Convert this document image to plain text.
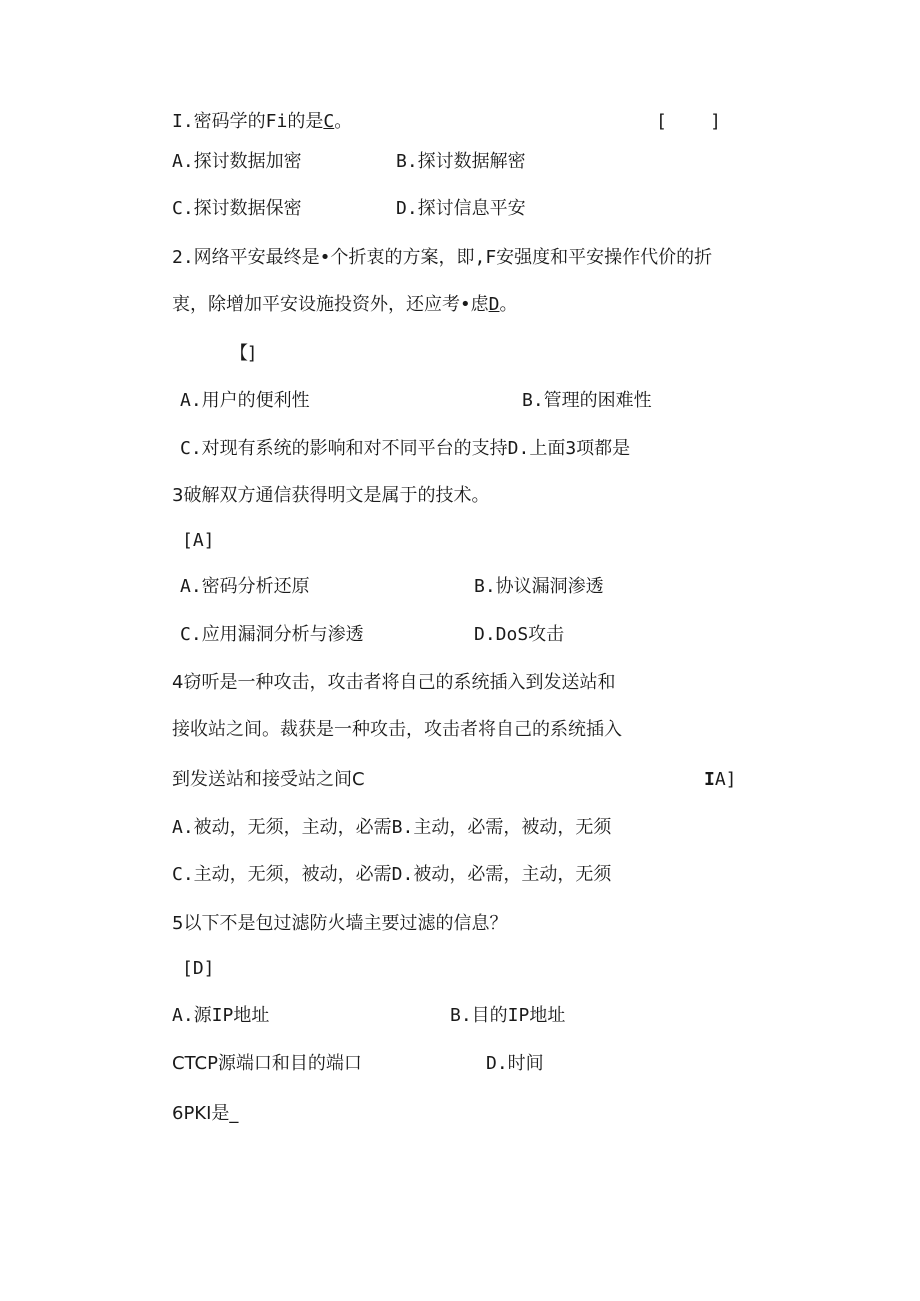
I.密码学的Fi的是C。	[    ]
A.探讨数据加密	B.探讨数据解密
C.探讨数据保密	D.探讨信息平安
2.网络平安最终是•个折衷的方案，即,F安强度和平安操作代价的折
衷，除增加平安设施投资外，还应考•虑D。
【]
A.用户的便利性	B.管理的困难性
C.对现有系统的影响和对不同平台的支持D.上面3项都是
3破解双方通信获得明文是属于的技术。
[A]
A.密码分析还原	B.协议漏洞渗透
C.应用漏洞分析与渗透	D.DoS攻击
4窃听是一种攻击，攻击者将自己的系统插入到发送站和
接收站之间。裁获是一种攻击，攻击者将自己的系统插入
到发送站和接受站之间C	IA]
A.被动，无须，主动，必需B.主动，必需，被动，无须
C.主动，无须，被动，必需D.被动，必需，主动，无须
5以下不是包过滤防火墙主要过滤的信息？
[D]
A.源IP地址	B.目的IP地址
CTCP源端口和目的端口	D.时间
6PKI是_
